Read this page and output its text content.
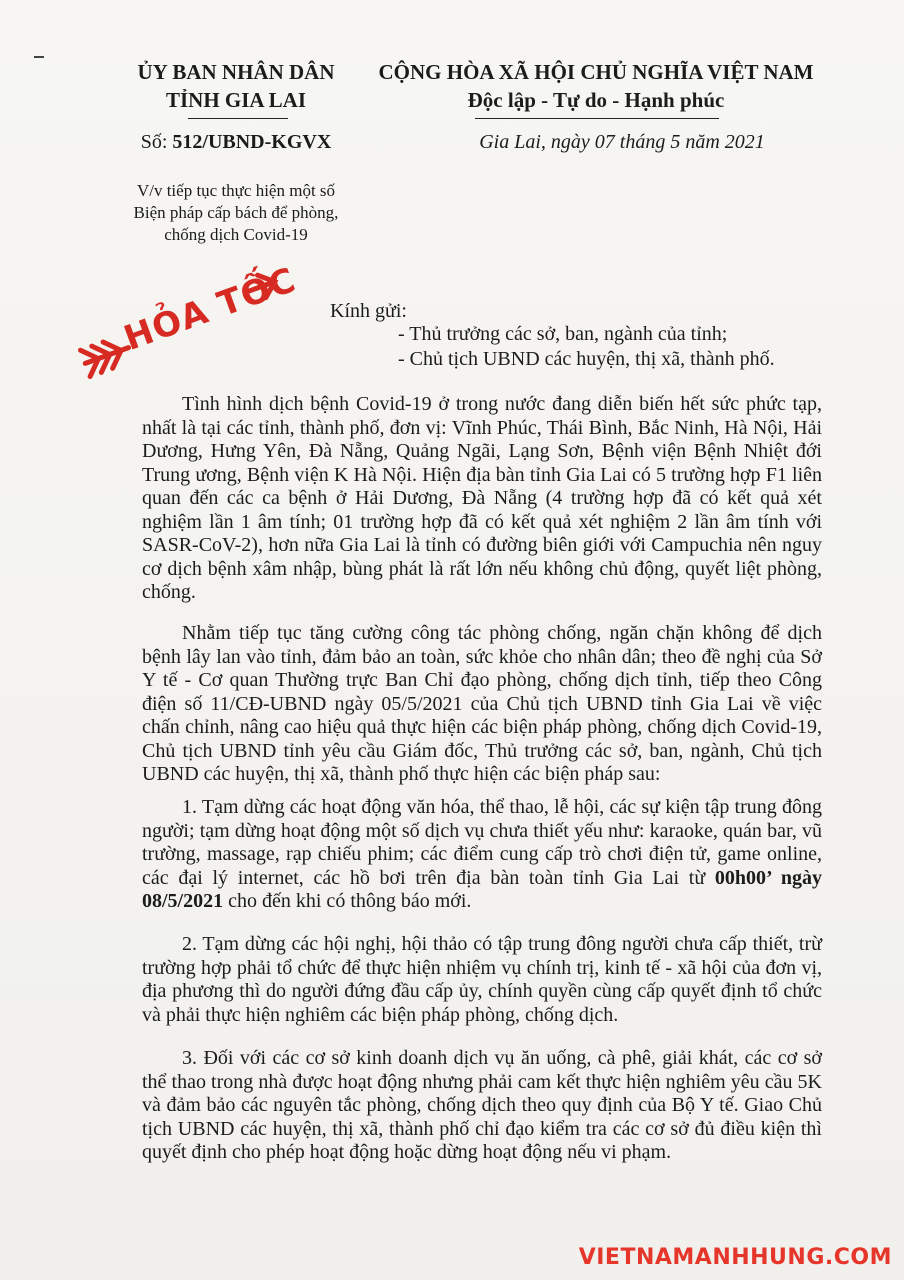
ỦY BAN NHÂN DÂN
TỈNH GIA LAI
CỘNG HÒA XÃ HỘI CHỦ NGHĨA VIỆT NAM
Độc lập - Tự do - Hạnh phúc
Số: 512/UBND-KGVX	Gia Lai, ngày 07 tháng 5 năm 2021
V/v tiếp tục thực hiện một số
Biện pháp cấp bách để phòng,
chống dịch Covid-19
HỎA TỐC Kính gửi:
- Thủ trưởng các sở, ban, ngành của tỉnh;
- Chủ tịch UBND các huyện, thị xã, thành phố.

Tình hình dịch bệnh Covid-19 ở trong nước đang diễn biến hết sức phức tạp, nhất là tại các tỉnh, thành phố, đơn vị: Vĩnh Phúc, Thái Bình, Bắc Ninh, Hà Nội, Hải Dương, Hưng Yên, Đà Nẵng, Quảng Ngãi, Lạng Sơn, Bệnh viện Bệnh Nhiệt đới Trung ương, Bệnh viện K Hà Nội. Hiện địa bàn tỉnh Gia Lai có 5 trường hợp F1 liên quan đến các ca bệnh ở Hải Dương, Đà Nẵng (4 trường hợp đã có kết quả xét nghiệm lần 1 âm tính; 01 trường hợp đã có kết quả xét nghiệm 2 lần âm tính với SASR-CoV-2), hơn nữa Gia Lai là tỉnh có đường biên giới với Campuchia nên nguy cơ dịch bệnh xâm nhập, bùng phát là rất lớn nếu không chủ động, quyết liệt phòng, chống.

Nhằm tiếp tục tăng cường công tác phòng chống, ngăn chặn không để dịch bệnh lây lan vào tỉnh, đảm bảo an toàn, sức khỏe cho nhân dân; theo đề nghị của Sở Y tế - Cơ quan Thường trực Ban Chỉ đạo phòng, chống dịch tỉnh, tiếp theo Công điện số 11/CĐ-UBND ngày 05/5/2021 của Chủ tịch UBND tỉnh Gia Lai về việc chấn chỉnh, nâng cao hiệu quả thực hiện các biện pháp phòng, chống dịch Covid-19, Chủ tịch UBND tỉnh yêu cầu Giám đốc, Thủ trưởng các sở, ban, ngành, Chủ tịch UBND các huyện, thị xã, thành phố thực hiện các biện pháp sau:

1. Tạm dừng các hoạt động văn hóa, thể thao, lễ hội, các sự kiện tập trung đông người; tạm dừng hoạt động một số dịch vụ chưa thiết yếu như: karaoke, quán bar, vũ trường, massage, rạp chiếu phim; các điểm cung cấp trò chơi điện tử, game online, các đại lý internet, các hồ bơi trên địa bàn toàn tỉnh Gia Lai từ 00h00’ ngày 08/5/2021 cho đến khi có thông báo mới.

2. Tạm dừng các hội nghị, hội thảo có tập trung đông người chưa cấp thiết, trừ trường hợp phải tổ chức để thực hiện nhiệm vụ chính trị, kinh tế - xã hội của đơn vị, địa phương thì do người đứng đầu cấp ủy, chính quyền cùng cấp quyết định tổ chức và phải thực hiện nghiêm các biện pháp phòng, chống dịch.

3. Đối với các cơ sở kinh doanh dịch vụ ăn uống, cà phê, giải khát, các cơ sở thể thao trong nhà được hoạt động nhưng phải cam kết thực hiện nghiêm yêu cầu 5K và đảm bảo các nguyên tắc phòng, chống dịch theo quy định của Bộ Y tế. Giao Chủ tịch UBND các huyện, thị xã, thành phố chỉ đạo kiểm tra các cơ sở đủ điều kiện thì quyết định cho phép hoạt động hoặc dừng hoạt động nếu vi phạm.

VIETNAMANHHUNG.COM
